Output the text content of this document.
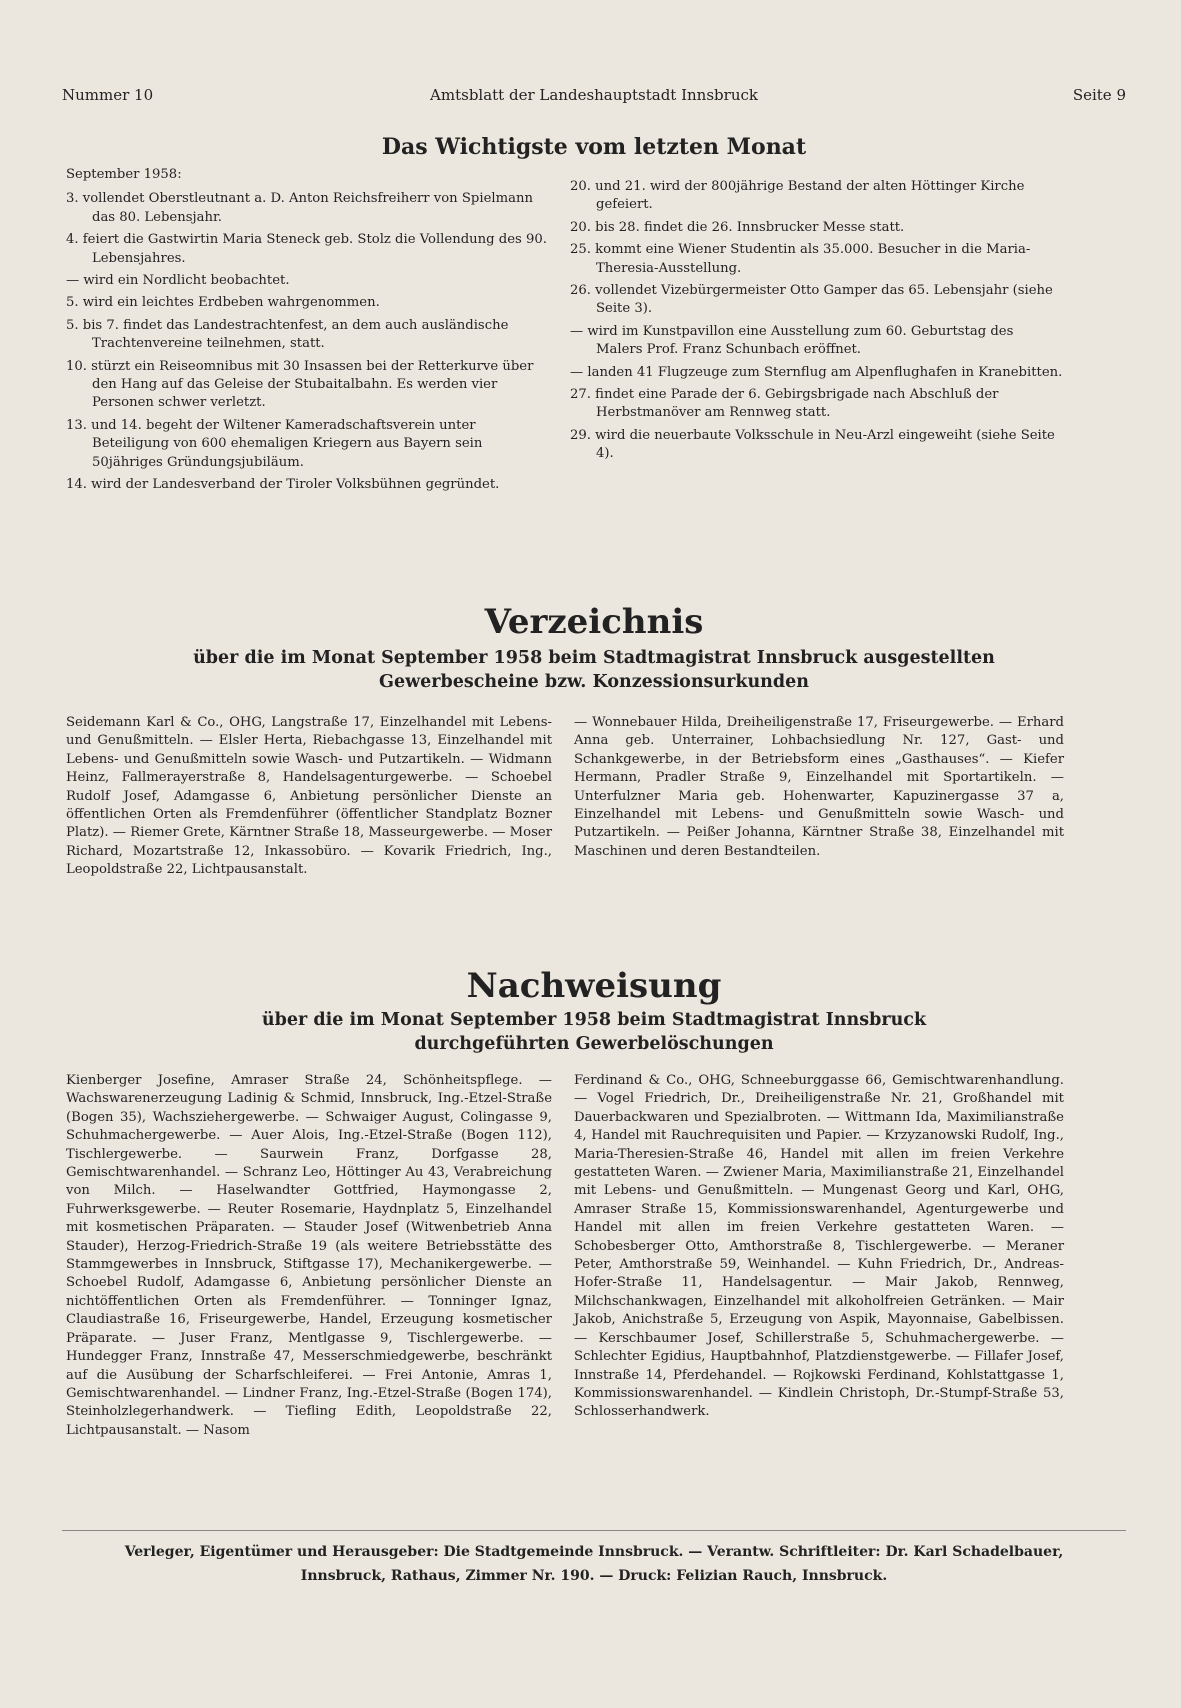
Nummer 10	Amtsblatt der Landeshauptstadt Innsbruck	Seite 9
Das Wichtigste vom letzten Monat

September 1958:

3. vollendet Oberstleutnant a. D. Anton Reichsfreiherr von Spielmann das 80. Lebensjahr.

4. feiert die Gastwirtin Maria Steneck geb. Stolz die Vollendung des 90. Lebensjahres.

— wird ein Nordlicht beobachtet.

5. wird ein leichtes Erdbeben wahrgenommen.

5. bis 7. findet das Landestrachtenfest, an dem auch ausländische Trachtenvereine teilnehmen, statt.

10. stürzt ein Reiseomnibus mit 30 Insassen bei der Retterkurve über den Hang auf das Geleise der Stubaitalbahn. Es werden vier Personen schwer verletzt.

13. und 14. begeht der Wiltener Kameradschaftsverein unter Beteiligung von 600 ehemaligen Kriegern aus Bayern sein 50jähriges Gründungsjubiläum.

14. wird der Landesverband der Tiroler Volksbühnen gegründet.

20. und 21. wird der 800jährige Bestand der alten Höttinger Kirche gefeiert.

20. bis 28. findet die 26. Innsbrucker Messe statt.

25. kommt eine Wiener Studentin als 35.000. Besucher in die Maria-Theresia-Ausstellung.

26. vollendet Vizebürgermeister Otto Gamper das 65. Lebensjahr (siehe Seite 3).

— wird im Kunstpavillon eine Ausstellung zum 60. Geburtstag des Malers Prof. Franz Schunbach eröffnet.

— landen 41 Flugzeuge zum Sternflug am Alpenflughafen in Kranebitten.

27. findet eine Parade der 6. Gebirgsbrigade nach Abschluß der Herbstmanöver am Rennweg statt.

29. wird die neuerbaute Volksschule in Neu-Arzl eingeweiht (siehe Seite 4).

Verzeichnis
über die im Monat September 1958 beim Stadtmagistrat Innsbruck ausgestellten
Gewerbescheine bzw. Konzessionsurkunden

Seidemann Karl & Co., OHG, Langstraße 17, Einzelhandel mit Lebens- und Genußmitteln. — Elsler Herta, Riebachgasse 13, Einzelhandel mit Lebens- und Genußmitteln sowie Wasch- und Putzartikeln. — Widmann Heinz, Fallmerayerstraße 8, Handelsagenturgewerbe. — Schoebel Rudolf Josef, Adamgasse 6, Anbietung persönlicher Dienste an öffentlichen Orten als Fremdenführer (öffentlicher Standplatz Bozner Platz). — Riemer Grete, Kärntner Straße 18, Masseurgewerbe. — Moser Richard, Mozartstraße 12, Inkassobüro. — Kovarik Friedrich, Ing., Leopoldstraße 22, Lichtpausanstalt.

— Wonnebauer Hilda, Dreiheiligenstraße 17, Friseurgewerbe. — Erhard Anna geb. Unterrainer, Lohbachsiedlung Nr. 127, Gast- und Schankgewerbe, in der Betriebsform eines „Gasthauses“. — Kiefer Hermann, Pradler Straße 9, Einzelhandel mit Sportartikeln. — Unterfulzner Maria geb. Hohenwarter, Kapuzinergasse 37 a, Einzelhandel mit Lebens- und Genußmitteln sowie Wasch- und Putzartikeln. — Peißer Johanna, Kärntner Straße 38, Einzelhandel mit Maschinen und deren Bestandteilen.

Nachweisung
über die im Monat September 1958 beim Stadtmagistrat Innsbruck
durchgeführten Gewerbelöschungen

Kienberger Josefine, Amraser Straße 24, Schönheitspflege. — Wachswarenerzeugung Ladinig & Schmid, Innsbruck, Ing.-Etzel-Straße (Bogen 35), Wachsziehergewerbe. — Schwaiger August, Colingasse 9, Schuhmachergewerbe. — Auer Alois, Ing.-Etzel-Straße (Bogen 112), Tischlergewerbe. — Saurwein Franz, Dorfgasse 28, Gemischtwarenhandel. — Schranz Leo, Höttinger Au 43, Verabreichung von Milch. — Haselwandter Gottfried, Haymongasse 2, Fuhrwerksgewerbe. — Reuter Rosemarie, Haydnplatz 5, Einzelhandel mit kosmetischen Präparaten. — Stauder Josef (Witwenbetrieb Anna Stauder), Herzog-Friedrich-Straße 19 (als weitere Betriebsstätte des Stammgewerbes in Innsbruck, Stiftgasse 17), Mechanikergewerbe. — Schoebel Rudolf, Adamgasse 6, Anbietung persönlicher Dienste an nichtöffentlichen Orten als Fremdenführer. — Tonninger Ignaz, Claudiastraße 16, Friseurgewerbe, Handel, Erzeugung kosmetischer Präparate. — Juser Franz, Mentlgasse 9, Tischlergewerbe. — Hundegger Franz, Innstraße 47, Messerschmiedgewerbe, beschränkt auf die Ausübung der Scharfschleiferei. — Frei Antonie, Amras 1, Gemischtwarenhandel. — Lindner Franz, Ing.-Etzel-Straße (Bogen 174), Steinholzlegerhandwerk. — Tiefling Edith, Leopoldstraße 22, Lichtpausanstalt. — Nasom

Ferdinand & Co., OHG, Schneeburggasse 66, Gemischtwarenhandlung. — Vogel Friedrich, Dr., Dreiheiligenstraße Nr. 21, Großhandel mit Dauerbackwaren und Spezialbroten. — Wittmann Ida, Maximilianstraße 4, Handel mit Rauchrequisiten und Papier. — Krzyzanowski Rudolf, Ing., Maria-Theresien-Straße 46, Handel mit allen im freien Verkehre gestatteten Waren. — Zwiener Maria, Maximilianstraße 21, Einzelhandel mit Lebens- und Genußmitteln. — Mungenast Georg und Karl, OHG, Amraser Straße 15, Kommissionswarenhandel, Agenturgewerbe und Handel mit allen im freien Verkehre gestatteten Waren. — Schobesberger Otto, Amthorstraße 8, Tischlergewerbe. — Meraner Peter, Amthorstraße 59, Weinhandel. — Kuhn Friedrich, Dr., Andreas-Hofer-Straße 11, Handelsagentur. — Mair Jakob, Rennweg, Milchschankwagen, Einzelhandel mit alkoholfreien Getränken. — Mair Jakob, Anichstraße 5, Erzeugung von Aspik, Mayonnaise, Gabelbissen. — Kerschbaumer Josef, Schillerstraße 5, Schuhmachergewerbe. — Schlechter Egidius, Hauptbahnhof, Platzdienstgewerbe. — Fillafer Josef, Innstraße 14, Pferdehandel. — Rojkowski Ferdinand, Kohlstattgasse 1, Kommissionswarenhandel. — Kindlein Christoph, Dr.-Stumpf-Straße 53, Schlosserhandwerk.

Verleger, Eigentümer und Herausgeber: Die Stadtgemeinde Innsbruck. — Verantw. Schriftleiter: Dr. Karl Schadelbauer,
Innsbruck, Rathaus, Zimmer Nr. 190. — Druck: Felizian Rauch, Innsbruck.
